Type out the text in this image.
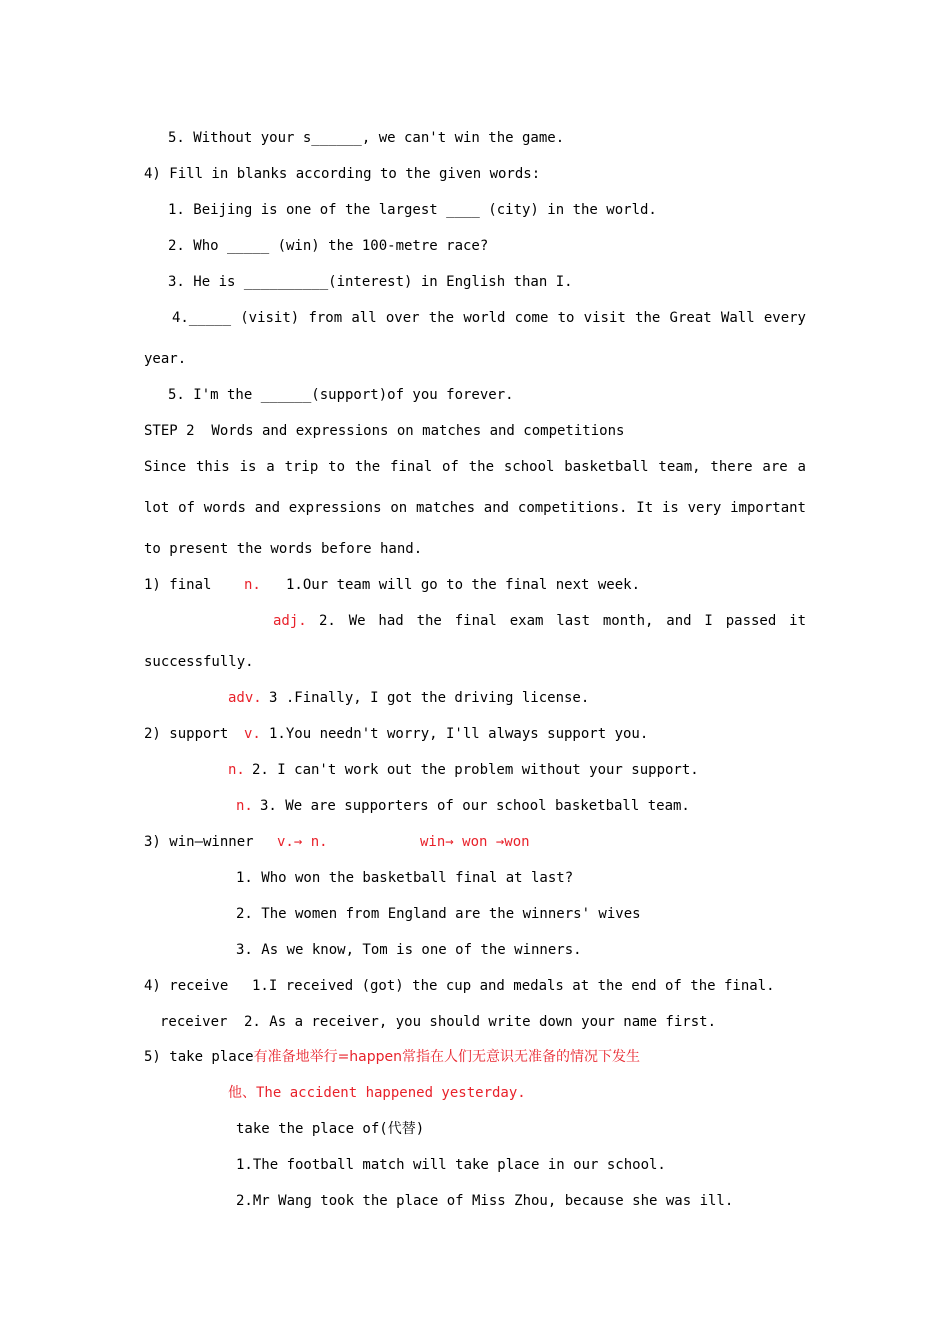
5. Without your s______, we can't win the game.
4) Fill in blanks according to the given words:
1. Beijing is one of the largest ____ (city) in the world.
2. Who _____ (win) the 100-metre race?
3. He is __________(interest) in English than I.
4._____ (visit) from all over the world come to visit the Great Wall every
year.
5. I'm the ______(support)of you forever.
STEP 2  Words and expressions on matches and competitions
Since this is a trip to the final of the school basketball team, there are a
lot of words and expressions on matches and competitions. It is very important
to present the words before hand.
1) final n. 1.Our team will go to the final next week.
adj. 2. We had the final exam last month, and I passed it
successfully.
adv. 3 .Finally, I got the driving license.
2) support v. 1.You needn't worry, I'll always support you.
n. 2. I can't work out the problem without your support.
n. 3. We are supporters of our school basketball team.
3) win—winner v.→ n.	win→ won →won
1. Who won the basketball final at last?
2. The women from England are the winners' wives
3. As we know, Tom is one of the winners.
4) receive 1.I received (got) the cup and medals at the end of the final.
receiver 2. As a receiver, you should write down your name first.
5) take place有准备地举行=happen常指在人们无意识无准备的情况下发生
他、The accident happened yesterday.
take the place of(代替)
1.The football match will take place in our school.
2.Mr Wang took the place of Miss Zhou, because she was ill.
